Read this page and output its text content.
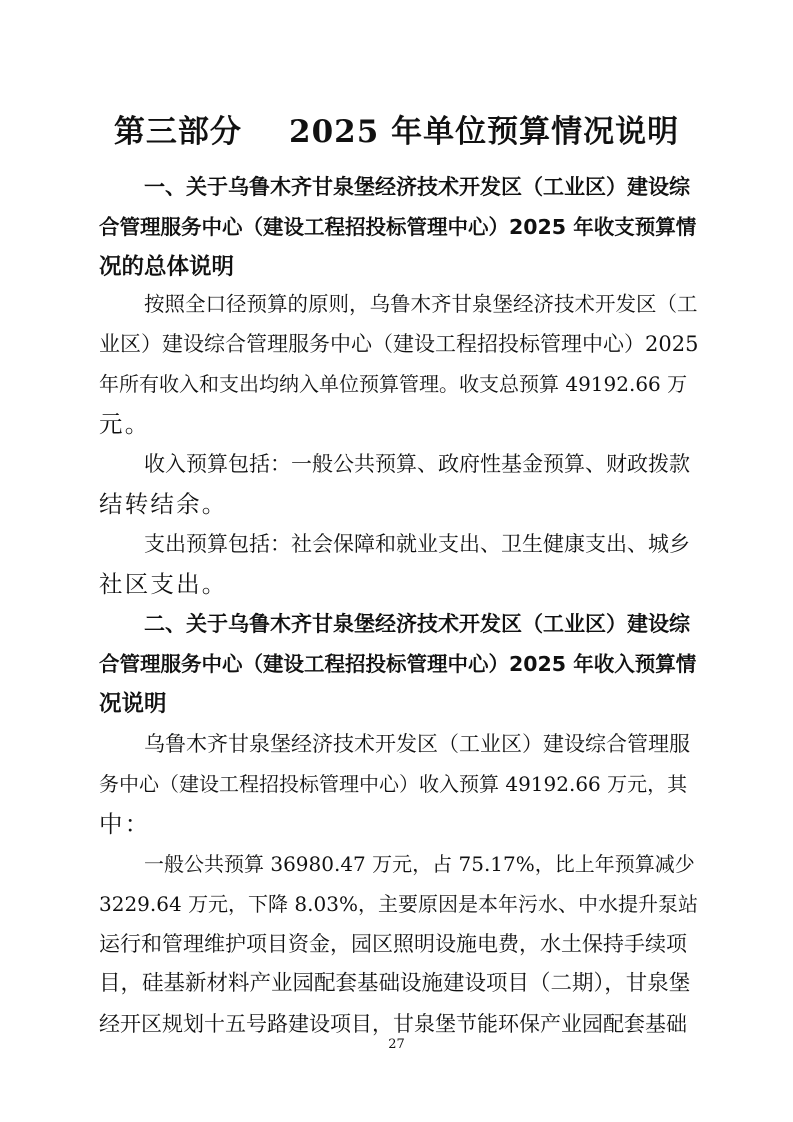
第三部分    2025 年单位预算情况说明
一、关于乌鲁木齐甘泉堡经济技术开发区（工业区）建设综
合管理服务中心（建设工程招投标管理中心）2025 年收支预算情
况的总体说明
按照全口径预算的原则，乌鲁木齐甘泉堡经济技术开发区（工
业区）建设综合管理服务中心（建设工程招投标管理中心）2025
年所有收入和支出均纳入单位预算管理。收支总预算 49192.66 万
元。
收入预算包括：一般公共预算、政府性基金预算、财政拨款
结转结余。
支出预算包括：社会保障和就业支出、卫生健康支出、城乡
社区支出。
二、关于乌鲁木齐甘泉堡经济技术开发区（工业区）建设综
合管理服务中心（建设工程招投标管理中心）2025 年收入预算情
况说明
乌鲁木齐甘泉堡经济技术开发区（工业区）建设综合管理服
务中心（建设工程招投标管理中心）收入预算 49192.66 万元，其
中：
一般公共预算 36980.47 万元，占 75.17%，比上年预算减少
3229.64 万元，下降 8.03%，主要原因是本年污水、中水提升泵站
运行和管理维护项目资金，园区照明设施电费，水土保持手续项
目，硅基新材料产业园配套基础设施建设项目（二期），甘泉堡
经开区规划十五号路建设项目，甘泉堡节能环保产业园配套基础
27
